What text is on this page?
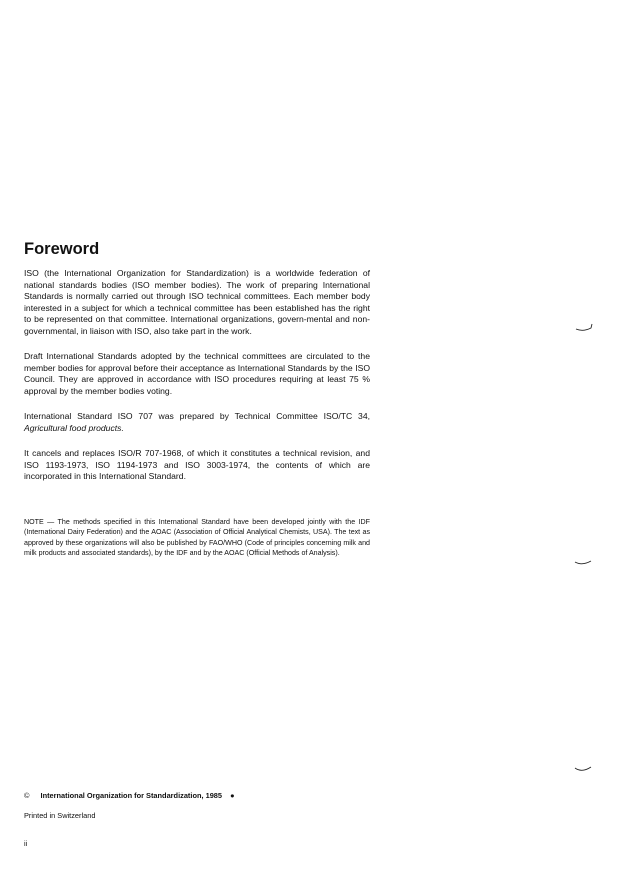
Foreword

ISO (the International Organization for Standardization) is a worldwide federation of national standards bodies (ISO member bodies). The work of preparing International Standards is normally carried out through ISO technical committees. Each member body interested in a subject for which a technical committee has been established has the right to be represented on that committee. International organizations, govern-mental and non-governmental, in liaison with ISO, also take part in the work.

Draft International Standards adopted by the technical committees are circulated to the member bodies for approval before their acceptance as International Standards by the ISO Council. They are approved in accordance with ISO procedures requiring at least 75 % approval by the member bodies voting.

International Standard ISO 707 was prepared by Technical Committee ISO/TC 34, Agricultural food products.

It cancels and replaces ISO/R 707-1968, of which it constitutes a technical revision, and ISO 1193-1973, ISO 1194-1973 and ISO 3003-1974, the contents of which are incorporated in this International Standard.

NOTE — The methods specified in this International Standard have been developed jointly with the IDF (International Dairy Federation) and the AOAC (Association of Official Analytical Chemists, USA). The text as approved by these organizations will also be published by FAO/WHO (Code of principles concerning milk and milk products and associated standards), by the IDF and by the AOAC (Official Methods of Analysis).

© International Organization for Standardization, 1985 ●

Printed in Switzerland

ii
